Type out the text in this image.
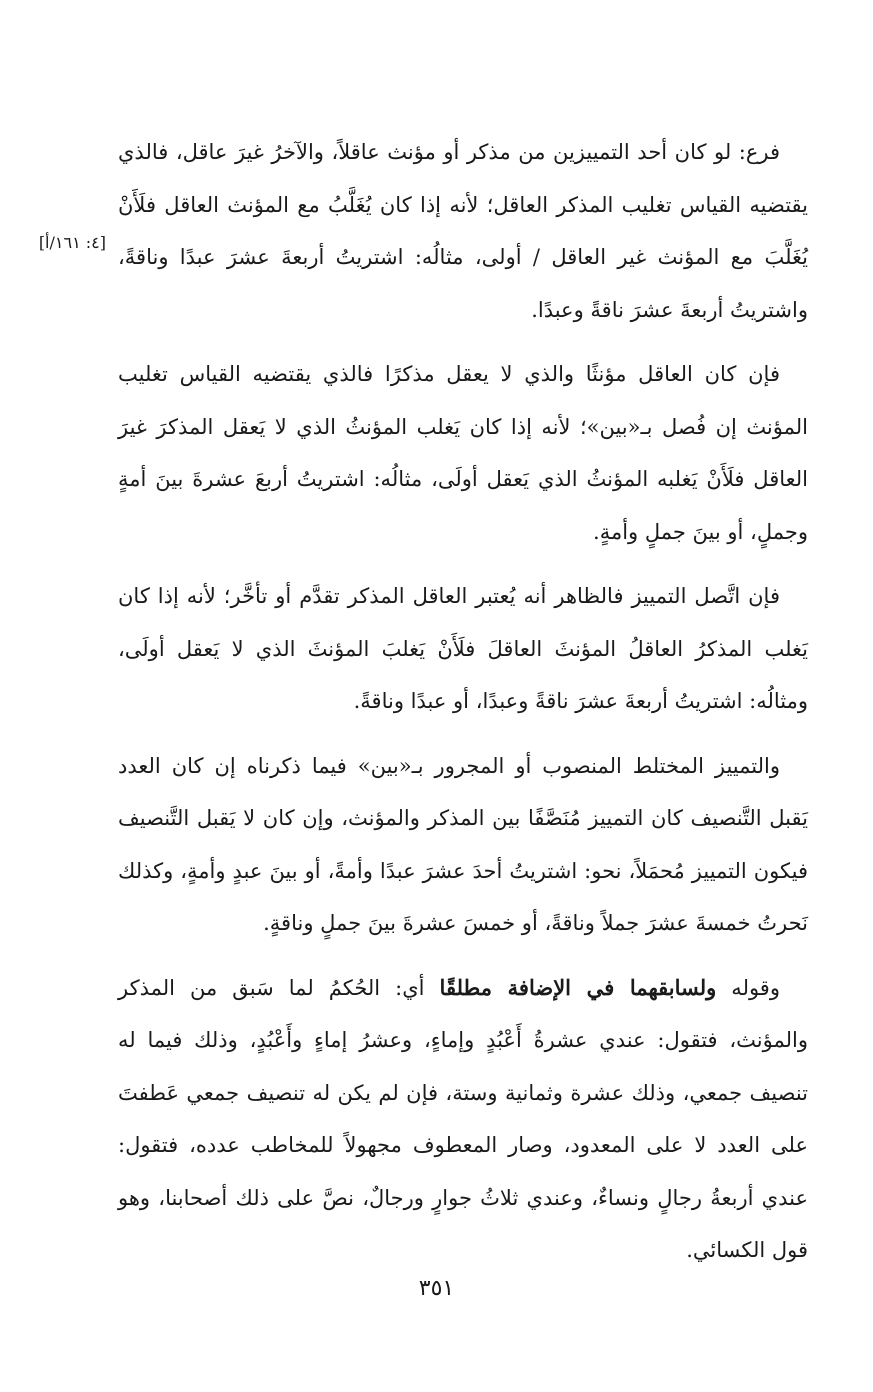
[٤: ١٦١/أ]

فرع: لو كان أحد التمييزين من مذكر أو مؤنث عاقلاً، والآخرُ غيرَ عاقل، فالذي يقتضيه القياس تغليب المذكر العاقل؛ لأنه إذا كان يُغَلَّبُ مع المؤنث العاقل فلَأَنْ يُغَلَّبَ مع المؤنث غير العاقل / أولى، مثالُه: اشتريتُ أربعةَ عشرَ عبدًا وناقةً، واشتريتُ أربعةَ عشرَ ناقةً وعبدًا.

فإن كان العاقل مؤنثًا والذي لا يعقل مذكرًا فالذي يقتضيه القياس تغليب المؤنث إن فُصل بـ«بين»؛ لأنه إذا كان يَغلب المؤنثُ الذي لا يَعقل المذكرَ غيرَ العاقل فلَأَنْ يَغلبه المؤنثُ الذي يَعقل أولَى، مثالُه: اشتريتُ أربعَ عشرةَ بينَ أمةٍ وجملٍ، أو بينَ جملٍ وأمةٍ.

فإن اتَّصل التمييز فالظاهر أنه يُعتبر العاقل المذكر تقدَّم أو تأخَّر؛ لأنه إذا كان يَغلب المذكرُ العاقلُ المؤنثَ العاقلَ فلَأَنْ يَغلبَ المؤنثَ الذي لا يَعقل أولَى، ومثالُه: اشتريتُ أربعةَ عشرَ ناقةً وعبدًا، أو عبدًا وناقةً.

والتمييز المختلط المنصوب أو المجرور بـ«بين» فيما ذكرناه إن كان العدد يَقبل التَّنصيف كان التمييز مُنَصَّفًا بين المذكر والمؤنث، وإن كان لا يَقبل التَّنصيف فيكون التمييز مُحمَلاً، نحو: اشتريتُ أحدَ عشرَ عبدًا وأمةً، أو بينَ عبدٍ وأمةٍ، وكذلك نَحرتُ خمسةَ عشرَ جملاً وناقةً، أو خمسَ عشرةَ بينَ جملٍ وناقةٍ.

وقوله ولسابقهما في الإضافة مطلقًا أي: الحُكمُ لما سَبق من المذكر والمؤنث، فتقول: عندي عشرةُ أَعْبُدٍ وإماءٍ، وعشرُ إماءٍ وأَعْبُدٍ، وذلك فيما له تنصيف جمعي، وذلك عشرة وثمانية وستة، فإن لم يكن له تنصيف جمعي عَطفتَ على العدد لا على المعدود، وصار المعطوف مجهولاً للمخاطب عدده، فتقول: عندي أربعةُ رجالٍ ونساءٌ، وعندي ثلاثُ جوارٍ ورجالٌ، نصَّ على ذلك أصحابنا، وهو قول الكسائي.

٣٥١
